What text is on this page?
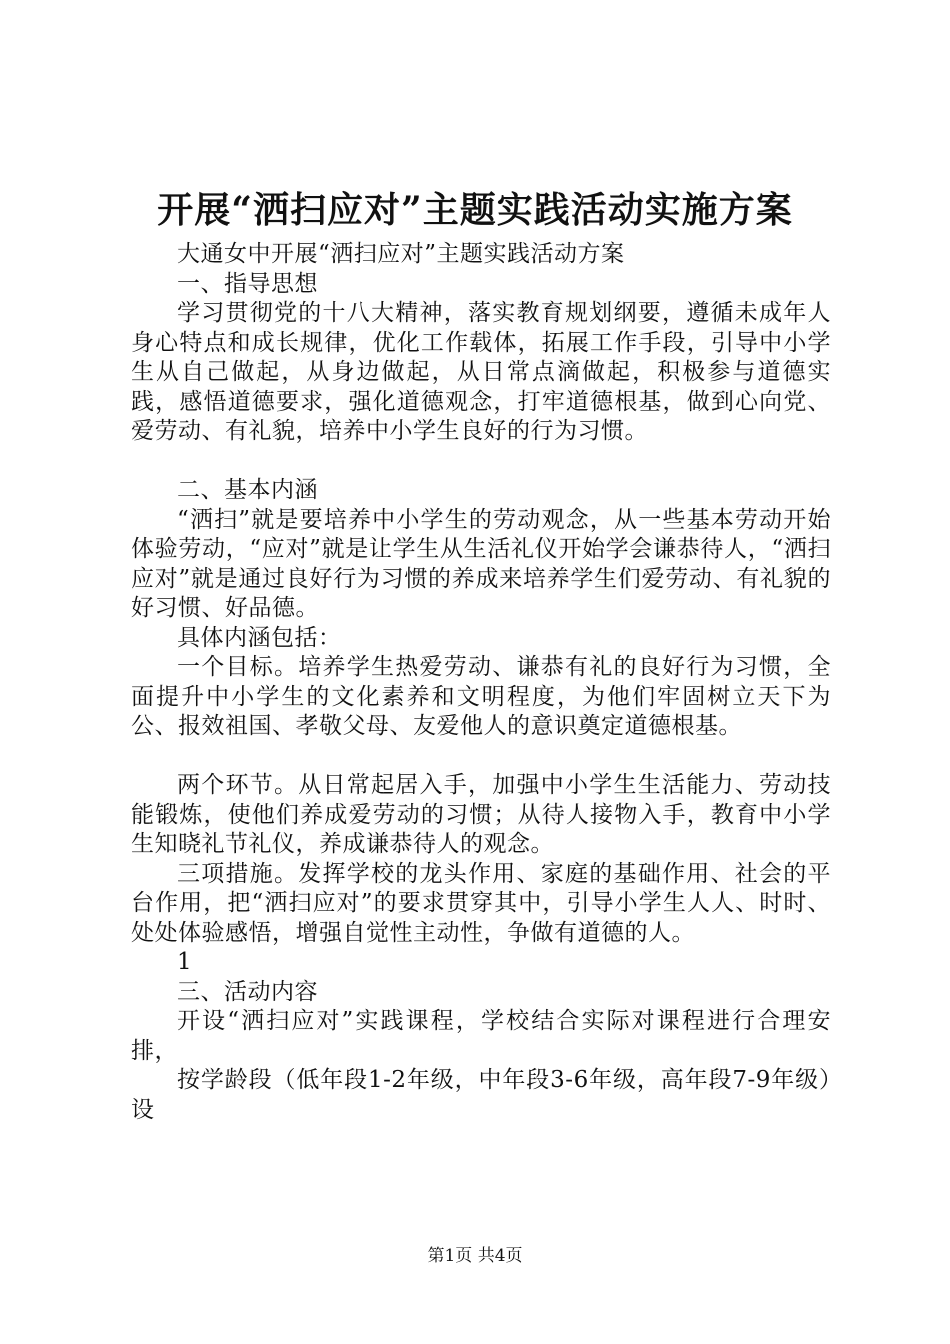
开展“洒扫应对”主题实践活动实施方案

大通女中开展“洒扫应对”主题实践活动方案

一、指导思想

学习贯彻党的十八大精神，落实教育规划纲要，遵循未成年人身心特点和成长规律，优化工作载体，拓展工作手段，引导中小学生从自己做起，从身边做起，从日常点滴做起，积极参与道德实践，感悟道德要求，强化道德观念，打牢道德根基，做到心向党、爱劳动、有礼貌，培养中小学生良好的行为习惯。

二、基本内涵

“洒扫”就是要培养中小学生的劳动观念，从一些基本劳动开始体验劳动，“应对”就是让学生从生活礼仪开始学会谦恭待人，“洒扫应对”就是通过良好行为习惯的养成来培养学生们爱劳动、有礼貌的好习惯、好品德。

具体内涵包括：

一个目标。培养学生热爱劳动、谦恭有礼的良好行为习惯，全面提升中小学生的文化素养和文明程度，为他们牢固树立天下为公、报效祖国、孝敬父母、友爱他人的意识奠定道德根基。

两个环节。从日常起居入手，加强中小学生生活能力、劳动技能锻炼，使他们养成爱劳动的习惯；从待人接物入手，教育中小学生知晓礼节礼仪，养成谦恭待人的观念。

三项措施。发挥学校的龙头作用、家庭的基础作用、社会的平台作用，把“洒扫应对”的要求贯穿其中，引导小学生人人、时时、处处体验感悟，增强自觉性主动性，争做有道德的人。

1

三、活动内容

开设“洒扫应对”实践课程，学校结合实际对课程进行合理安排，

按学龄段（低年段1-2年级，中年段3-6年级，高年段7-9年级）设

第1页 共4页
